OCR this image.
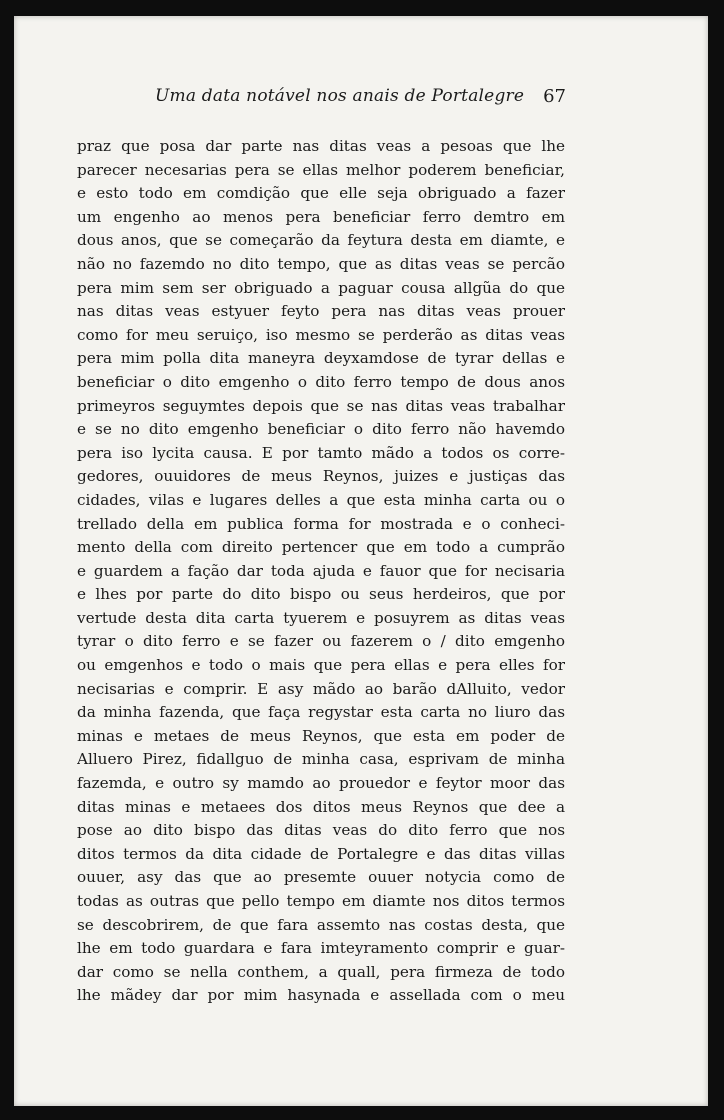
Uma data notável nos anais de Portalegre 67
praz que posa dar parte nas ditas veas a pesoas que lhe
parecer necesarias pera se ellas melhor poderem beneficiar,
e esto todo em comdição que elle seja obriguado a fazer
um engenho ao menos pera beneficiar ferro demtro em
dous anos, que se começarão da feytura desta em diamte, e
não no fazemdo no dito tempo, que as ditas veas se percão
pera mim sem ser obriguado a paguar cousa allgũa do que
nas ditas veas estyuer feyto pera nas ditas veas prouer
como for meu seruiço, iso mesmo se perderão as ditas veas
pera mim polla dita maneyra deyxamdose de tyrar dellas e
beneficiar o dito emgenho o dito ferro tempo de dous anos
primeyros seguymtes depois que se nas ditas veas trabalhar
e se no dito emgenho beneficiar o dito ferro não havemdo
pera iso lycita causa. E por tamto mãdo a todos os corre-
gedores, ouuidores de meus Reynos, juizes e justiças das
cidades, vilas e lugares delles a que esta minha carta ou o
trellado della em publica forma for mostrada e o conheci-
mento della com direito pertencer que em todo a cumprão
e guardem a fação dar toda ajuda e fauor que for necisaria
e lhes por parte do dito bispo ou seus herdeiros, que por
vertude desta dita carta tyuerem e posuyrem as ditas veas
tyrar o dito ferro e se fazer ou fazerem o / dito emgenho
ou emgenhos e todo o mais que pera ellas e pera elles for
necisarias e comprir. E asy mãdo ao barão dAlluito, vedor
da minha fazenda, que faça regystar esta carta no liuro das
minas e metaes de meus Reynos, que esta em poder de
Alluero Pirez, fidallguo de minha casa, esprivam de minha
fazemda, e outro sy mamdo ao prouedor e feytor moor das
ditas minas e metaees dos ditos meus Reynos que dee a
pose ao dito bispo das ditas veas do dito ferro que nos
ditos termos da dita cidade de Portalegre e das ditas villas
ouuer, asy das que ao presemte ouuer notycia como de
todas as outras que pello tempo em diamte nos ditos termos
se descobrirem, de que fara assemto nas costas desta, que
lhe em todo guardara e fara imteyramento comprir e guar-
dar como se nella conthem, a quall, pera firmeza de todo
lhe mãdey dar por mim hasynada e assellada com o meu
